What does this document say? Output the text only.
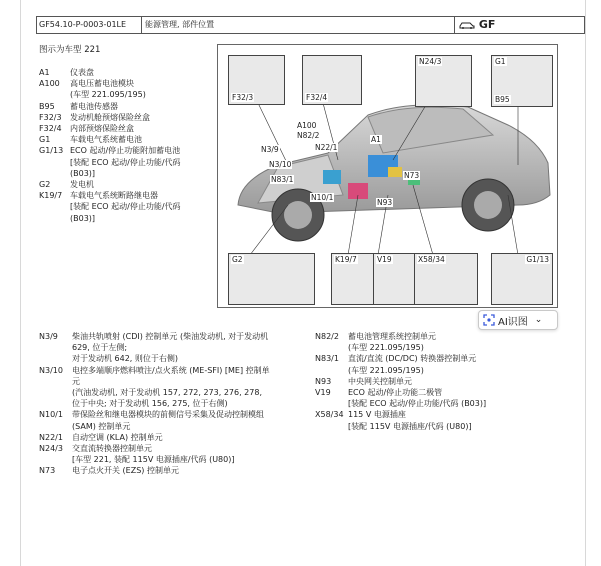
GF54.10-P-0003-01LE	能源管理, 部件位置	GF
图示为车型 221
A1	仪表盘
A100	高电压蓄电池模块
(车型 221.095/195)
B95	蓄电池传感器
F32/3	发动机舱预熔保险丝盒
F32/4	内部预熔保险丝盒
G1	车载电气系统蓄电池
G1/13 ECO 起动/停止功能附加蓄电池
[装配 ECO 起动/停止功能/代码
(B03)]
G2	发电机
K19/7 车载电气系统断路继电器
[装配 ECO 起动/停止功能/代码
(B03)]
F32/3	F32/4
N24/3	G1
B95
G2	K19/7	V19	X58/34	G1/13
A100
N82/2	A1
N3/9	N22/1
N3/10
N73
N83/1
N10/1
N93
AI识图 ⌄
N3/9	柴油共轨喷射 (CDI) 控制单元 (柴油发动机, 对于发动机
629, 位于左侧;
对于发动机 642, 则位于右侧)
N3/10	电控多端顺序燃料喷注/点火系统 (ME-SFI) [ME] 控制单元
(汽油发动机, 对于发动机 157, 272, 273, 276, 278,
位于中央; 对于发动机 156, 275, 位于右侧)
N10/1	带保险丝和继电器模块的前侧信号采集及促动控制模组
(SAM) 控制单元
N22/1	自动空调 (KLA) 控制单元
N24/3	交直流转换器控制单元
[车型 221, 装配 115V 电源插座/代码 (U80)]
N73	电子点火开关 (EZS) 控制单元
N82/2	蓄电池管理系统控制单元
(车型 221.095/195)
N83/1	直流/直流 (DC/DC) 转换器控制单元
(车型 221.095/195)
N93	中央网关控制单元
V19	ECO 起动/停止功能二极管
[装配 ECO 起动/停止功能/代码 (B03)]
X58/34 115 V 电源插座
[装配 115V 电源插座/代码 (U80)]
